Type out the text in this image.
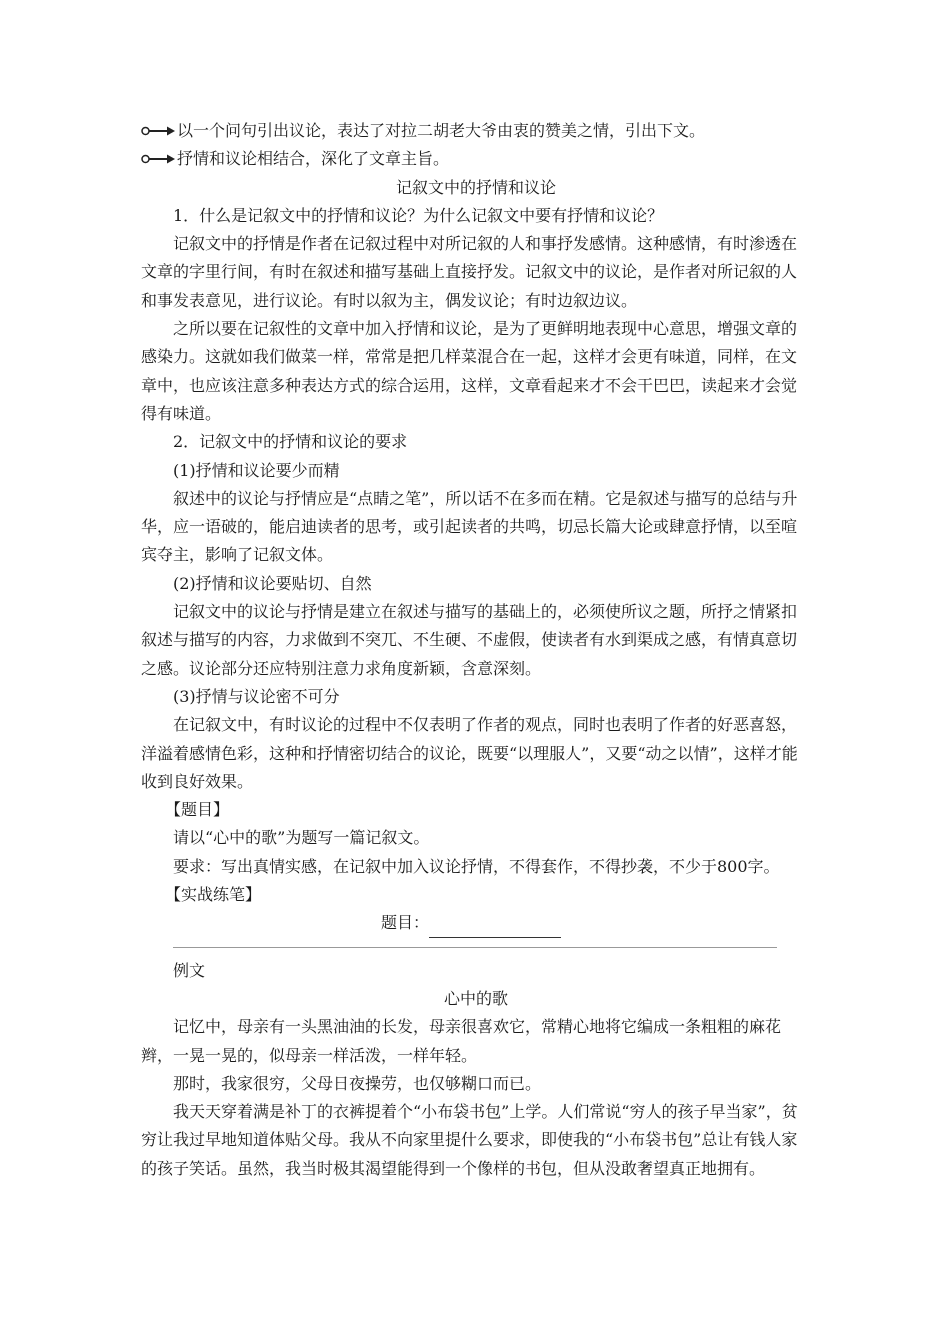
以一个问句引出议论，表达了对拉二胡老大爷由衷的赞美之情，引出下文。
抒情和议论相结合，深化了文章主旨。
记叙文中的抒情和议论
1．什么是记叙文中的抒情和议论？为什么记叙文中要有抒情和议论？

记叙文中的抒情是作者在记叙过程中对所记叙的人和事抒发感情。这种感情，有时渗透在文章的字里行间，有时在叙述和描写基础上直接抒发。记叙文中的议论，是作者对所记叙的人和事发表意见，进行议论。有时以叙为主，偶发议论；有时边叙边议。

之所以要在记叙性的文章中加入抒情和议论，是为了更鲜明地表现中心意思，增强文章的感染力。这就如我们做菜一样，常常是把几样菜混合在一起，这样才会更有味道，同样，在文章中，也应该注意多种表达方式的综合运用，这样，文章看起来才不会干巴巴，读起来才会觉得有味道。

2．记叙文中的抒情和议论的要求
(1)抒情和议论要少而精

叙述中的议论与抒情应是“点睛之笔”，所以话不在多而在精。它是叙述与描写的总结与升华，应一语破的，能启迪读者的思考，或引起读者的共鸣，切忌长篇大论或肆意抒情，以至喧宾夺主，影响了记叙文体。

(2)抒情和议论要贴切、自然

记叙文中的议论与抒情是建立在叙述与描写的基础上的，必须使所议之题，所抒之情紧扣叙述与描写的内容，力求做到不突兀、不生硬、不虚假，使读者有水到渠成之感，有情真意切之感。议论部分还应特别注意力求角度新颖，含意深刻。

(3)抒情与议论密不可分

在记叙文中，有时议论的过程中不仅表明了作者的观点，同时也表明了作者的好恶喜怒，洋溢着感情色彩，这种和抒情密切结合的议论，既要“以理服人”，又要“动之以情”，这样才能收到良好效果。

【题目】
请以“心中的歌”为题写一篇记叙文。
要求：写出真情实感，在记叙中加入议论抒情，不得套作，不得抄袭，不少于800字。
【实战练笔】
题目：
例文
心中的歌

记忆中，母亲有一头黑油油的长发，母亲很喜欢它，常精心地将它编成一条粗粗的麻花辫，一晃一晃的，似母亲一样活泼，一样年轻。

那时，我家很穷，父母日夜操劳，也仅够糊口而已。

我天天穿着满是补丁的衣裤提着个“小布袋书包”上学。人们常说“穷人的孩子早当家”，贫穷让我过早地知道体贴父母。我从不向家里提什么要求，即使我的“小布袋书包”总让有钱人家的孩子笑话。虽然，我当时极其渴望能得到一个像样的书包，但从没敢奢望真正地拥有。
